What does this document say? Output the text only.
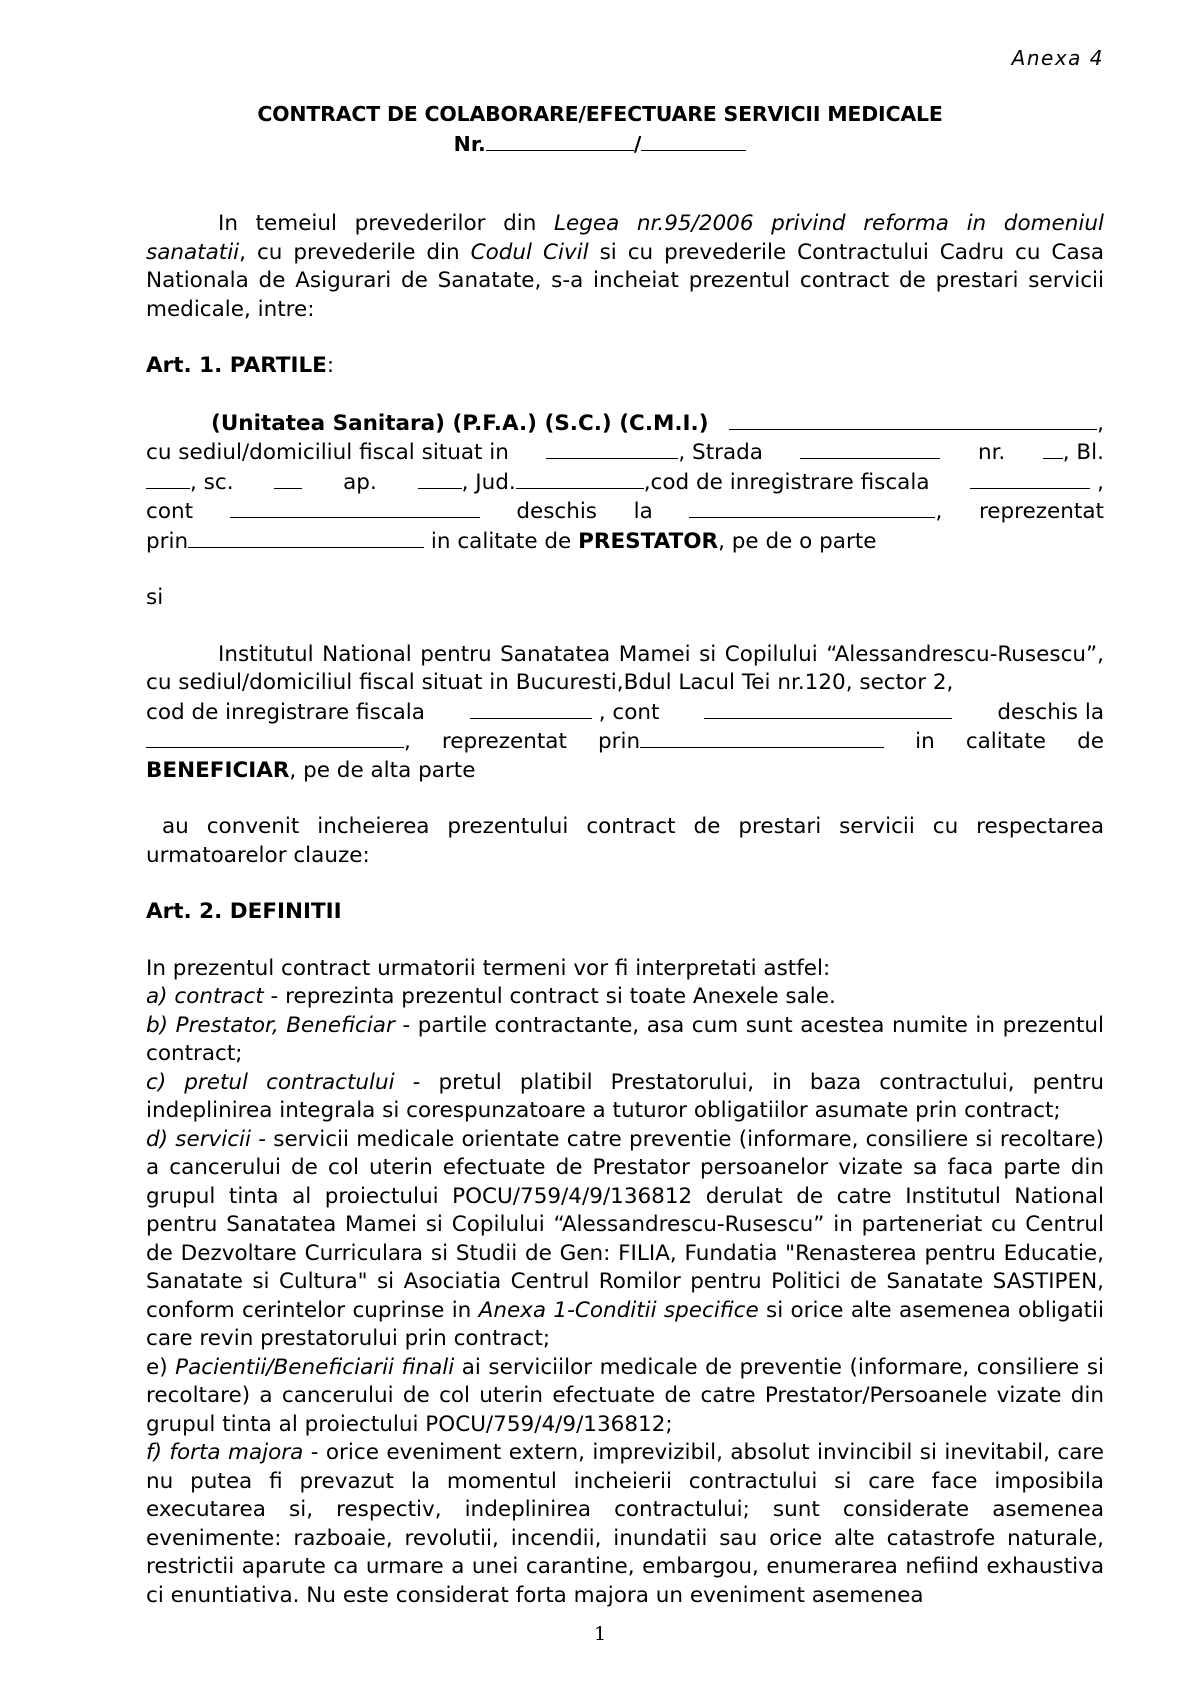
Anexa 4
CONTRACT DE COLABORARE/EFECTUARE SERVICII MEDICALE
Nr.	/

In temeiul prevederilor din Legea nr.95/2006 privind reforma in domeniul sanatatii, cu prevederile din Codul Civil si cu prevederile Contractului Cadru cu Casa Nationala de Asigurari de Sanatate, s-a incheiat prezentul contract de prestari servicii medicale, intre:

Art. 1. PARTILE:

(Unitatea Sanitara) (P.F.A.) (S.C.) (C.M.I.)	,
cu sediul/domiciliul fiscal situat in	, Strada	nr.	, Bl.
, sc.	ap.	, Jud.	,cod de inregistrare fiscala	,
cont	deschis la	, reprezentat

prin	in calitate de PRESTATOR, pe de o parte

si

Institutul National pentru Sanatatea Mamei si Copilului “Alessandrescu-Rusescu”, cu sediul/domiciliul fiscal situat in Bucuresti,Bdul Lacul Tei nr.120, sector 2,

cod de inregistrare fiscala	, cont	deschis la
, reprezentat prin	in calitate de

BENEFICIAR, pe de alta parte

au convenit incheierea prezentului contract de prestari servicii cu respectarea urmatoarelor clauze:

Art. 2. DEFINITII

In prezentul contract urmatorii termeni vor fi interpretati astfel:

a) contract - reprezinta prezentul contract si toate Anexele sale.

b) Prestator, Beneficiar - partile contractante, asa cum sunt acestea numite in prezentul contract;

c) pretul contractului - pretul platibil Prestatorului, in baza contractului, pentru indeplinirea integrala si corespunzatoare a tuturor obligatiilor asumate prin contract;

d) servicii - servicii medicale orientate catre preventie (informare, consiliere si recoltare) a cancerului de col uterin efectuate de Prestator persoanelor vizate sa faca parte din grupul tinta al proiectului POCU/759/4/9/136812 derulat de catre Institutul National pentru Sanatatea Mamei si Copilului “Alessandrescu-Rusescu” in parteneriat cu Centrul de Dezvoltare Curriculara si Studii de Gen: FILIA, Fundatia "Renasterea pentru Educatie, Sanatate si Cultura" si Asociatia Centrul Romilor pentru Politici de Sanatate SASTIPEN, conform cerintelor cuprinse in Anexa 1-Conditii specifice si orice alte asemenea obligatii care revin prestatorului prin contract;

e) Pacientii/Beneficiarii finali ai serviciilor medicale de preventie (informare, consiliere si recoltare) a cancerului de col uterin efectuate de catre Prestator/Persoanele vizate din grupul tinta al proiectului POCU/759/4/9/136812;

f) forta majora - orice eveniment extern, imprevizibil, absolut invincibil si inevitabil, care nu putea fi prevazut la momentul incheierii contractului si care face imposibila executarea si, respectiv, indeplinirea contractului; sunt considerate asemenea evenimente: razboaie, revolutii, incendii, inundatii sau orice alte catastrofe naturale, restrictii aparute ca urmare a unei carantine, embargou, enumerarea nefiind exhaustiva ci enuntiativa. Nu este considerat forta majora un eveniment asemenea

1
